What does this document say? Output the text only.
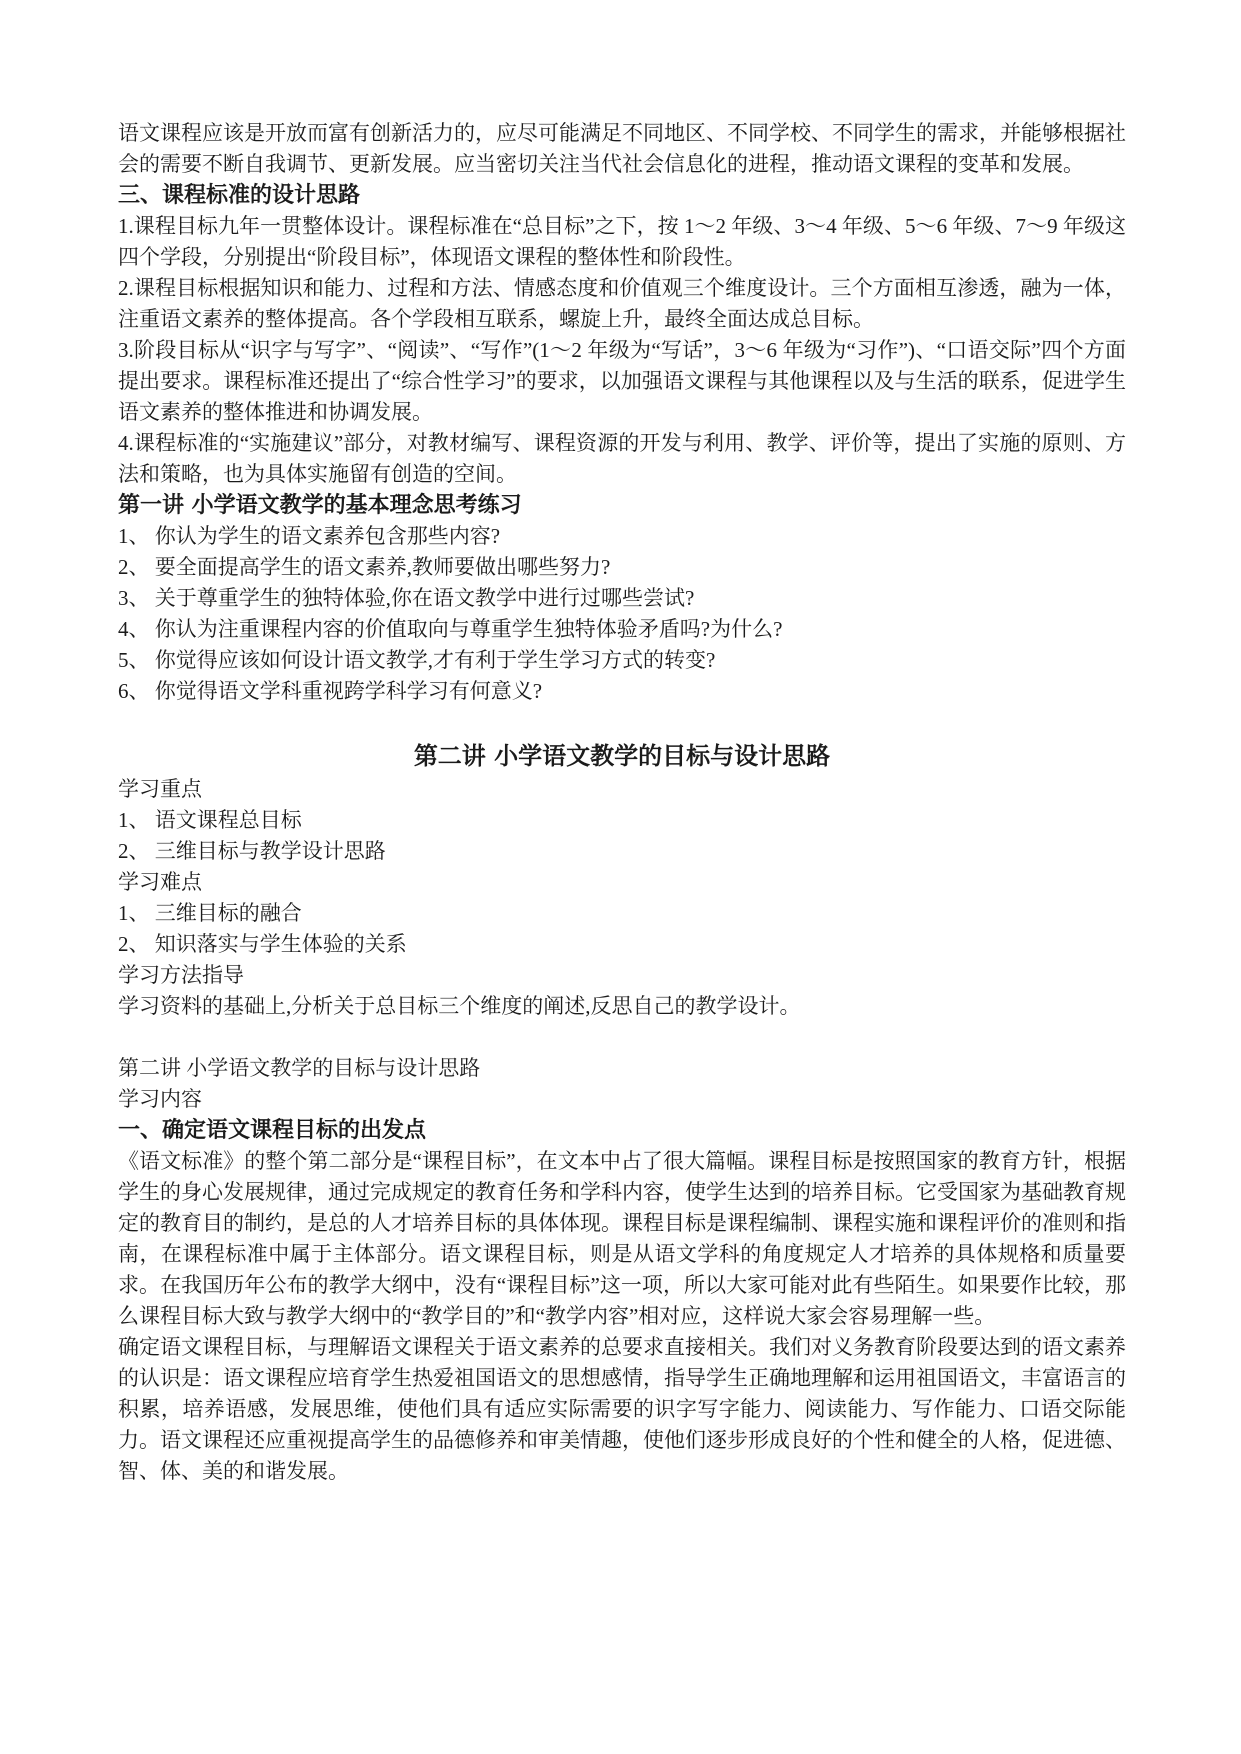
语文课程应该是开放而富有创新活力的，应尽可能满足不同地区、不同学校、不同学生的需求，并能够根据社会的需要不断自我调节、更新发展。应当密切关注当代社会信息化的进程，推动语文课程的变革和发展。

三、课程标准的设计思路

1.课程目标九年一贯整体设计。课程标准在“总目标”之下，按 1～2 年级、3～4 年级、5～6 年级、7～9 年级这四个学段，分别提出“阶段目标”，体现语文课程的整体性和阶段性。

2.课程目标根据知识和能力、过程和方法、情感态度和价值观三个维度设计。三个方面相互渗透，融为一体，注重语文素养的整体提高。各个学段相互联系，螺旋上升，最终全面达成总目标。

3.阶段目标从“识字与写字”、“阅读”、“写作”(1～2 年级为“写话”，3～6 年级为“习作”)、“口语交际”四个方面提出要求。课程标准还提出了“综合性学习”的要求，以加强语文课程与其他课程以及与生活的联系，促进学生语文素养的整体推进和协调发展。

4.课程标准的“实施建议”部分，对教材编写、课程资源的开发与利用、教学、评价等，提出了实施的原则、方法和策略，也为具体实施留有创造的空间。

第一讲 小学语文教学的基本理念思考练习

1、 你认为学生的语文素养包含那些内容?

2、 要全面提高学生的语文素养,教师要做出哪些努力?

3、 关于尊重学生的独特体验,你在语文教学中进行过哪些尝试?

4、 你认为注重课程内容的价值取向与尊重学生独特体验矛盾吗?为什么?

5、 你觉得应该如何设计语文教学,才有利于学生学习方式的转变?

6、 你觉得语文学科重视跨学科学习有何意义?

第二讲 小学语文教学的目标与设计思路

学习重点

1、 语文课程总目标

2、 三维目标与教学设计思路

学习难点

1、 三维目标的融合

2、 知识落实与学生体验的关系

学习方法指导

学习资料的基础上,分析关于总目标三个维度的阐述,反思自己的教学设计。

第二讲 小学语文教学的目标与设计思路

学习内容

一、确定语文课程目标的出发点

《语文标准》的整个第二部分是“课程目标”，在文本中占了很大篇幅。课程目标是按照国家的教育方针，根据学生的身心发展规律，通过完成规定的教育任务和学科内容，使学生达到的培养目标。它受国家为基础教育规定的教育目的制约，是总的人才培养目标的具体体现。课程目标是课程编制、课程实施和课程评价的准则和指南，在课程标准中属于主体部分。语文课程目标，则是从语文学科的角度规定人才培养的具体规格和质量要求。在我国历年公布的教学大纲中，没有“课程目标”这一项，所以大家可能对此有些陌生。如果要作比较，那么课程目标大致与教学大纲中的“教学目的”和“教学内容”相对应，这样说大家会容易理解一些。

确定语文课程目标，与理解语文课程关于语文素养的总要求直接相关。我们对义务教育阶段要达到的语文素养的认识是：语文课程应培育学生热爱祖国语文的思想感情，指导学生正确地理解和运用祖国语文，丰富语言的积累，培养语感，发展思维，使他们具有适应实际需要的识字写字能力、阅读能力、写作能力、口语交际能力。语文课程还应重视提高学生的品德修养和审美情趣，使他们逐步形成良好的个性和健全的人格，促进德、智、体、美的和谐发展。
